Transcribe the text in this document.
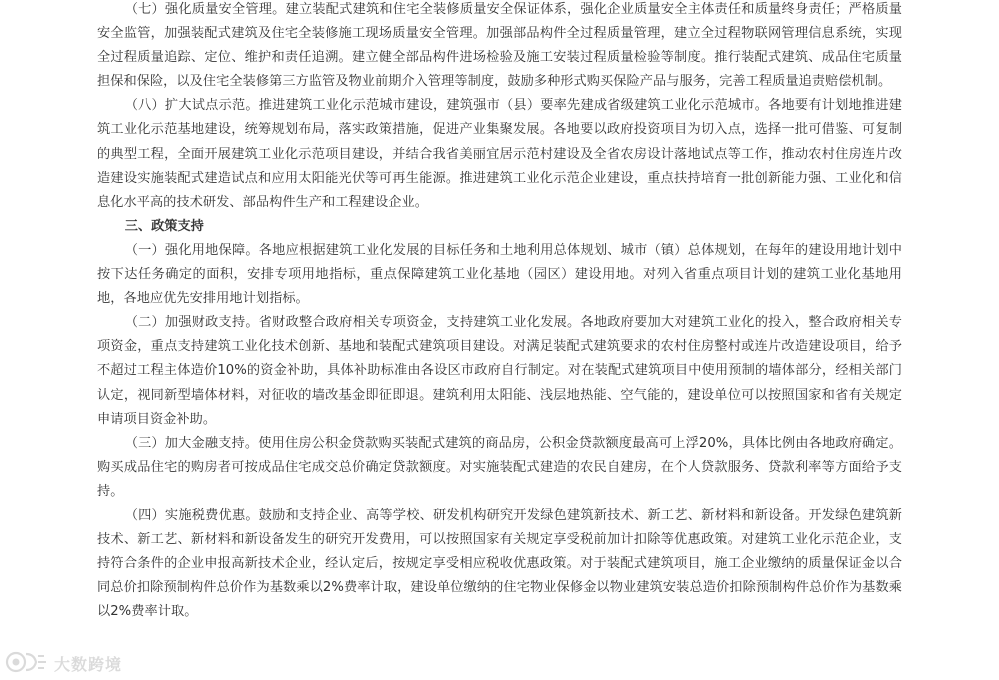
（七）强化质量安全管理。建立装配式建筑和住宅全装修质量安全保证体系，强化企业质量安全主体责任和质量终身责任；严格质量安全监管，加强装配式建筑及住宅全装修施工现场质量安全管理。加强部品构件全过程质量管理，建立全过程物联网管理信息系统，实现全过程质量追踪、定位、维护和责任追溯。建立健全部品构件进场检验及施工安装过程质量检验等制度。推行装配式建筑、成品住宅质量担保和保险，以及住宅全装修第三方监管及物业前期介入管理等制度，鼓励多种形式购买保险产品与服务，完善工程质量追责赔偿机制。

（八）扩大试点示范。推进建筑工业化示范城市建设，建筑强市（县）要率先建成省级建筑工业化示范城市。各地要有计划地推进建筑工业化示范基地建设，统筹规划布局，落实政策措施，促进产业集聚发展。各地要以政府投资项目为切入点，选择一批可借鉴、可复制的典型工程，全面开展建筑工业化示范项目建设，并结合我省美丽宜居示范村建设及全省农房设计落地试点等工作，推动农村住房连片改造建设实施装配式建造试点和应用太阳能光伏等可再生能源。推进建筑工业化示范企业建设，重点扶持培育一批创新能力强、工业化和信息化水平高的技术研发、部品构件生产和工程建设企业。

三、政策支持

（一）强化用地保障。各地应根据建筑工业化发展的目标任务和土地利用总体规划、城市（镇）总体规划，在每年的建设用地计划中按下达任务确定的面积，安排专项用地指标，重点保障建筑工业化基地（园区）建设用地。对列入省重点项目计划的建筑工业化基地用地，各地应优先安排用地计划指标。

（二）加强财政支持。省财政整合政府相关专项资金，支持建筑工业化发展。各地政府要加大对建筑工业化的投入，整合政府相关专项资金，重点支持建筑工业化技术创新、基地和装配式建筑项目建设。对满足装配式建筑要求的农村住房整村或连片改造建设项目，给予不超过工程主体造价10%的资金补助，具体补助标准由各设区市政府自行制定。对在装配式建筑项目中使用预制的墙体部分，经相关部门认定，视同新型墙体材料，对征收的墙改基金即征即退。建筑利用太阳能、浅层地热能、空气能的，建设单位可以按照国家和省有关规定申请项目资金补助。

（三）加大金融支持。使用住房公积金贷款购买装配式建筑的商品房，公积金贷款额度最高可上浮20%，具体比例由各地政府确定。购买成品住宅的购房者可按成品住宅成交总价确定贷款额度。对实施装配式建造的农民自建房，在个人贷款服务、贷款利率等方面给予支持。

（四）实施税费优惠。鼓励和支持企业、高等学校、研发机构研究开发绿色建筑新技术、新工艺、新材料和新设备。开发绿色建筑新技术、新工艺、新材料和新设备发生的研究开发费用，可以按照国家有关规定享受税前加计扣除等优惠政策。对建筑工业化示范企业，支持符合条件的企业申报高新技术企业，经认定后，按规定享受相应税收优惠政策。对于装配式建筑项目，施工企业缴纳的质量保证金以合同总价扣除预制构件总价作为基数乘以2%费率计取，建设单位缴纳的住宅物业保修金以物业建筑安装总造价扣除预制构件总价作为基数乘以2%费率计取。

大数跨境
